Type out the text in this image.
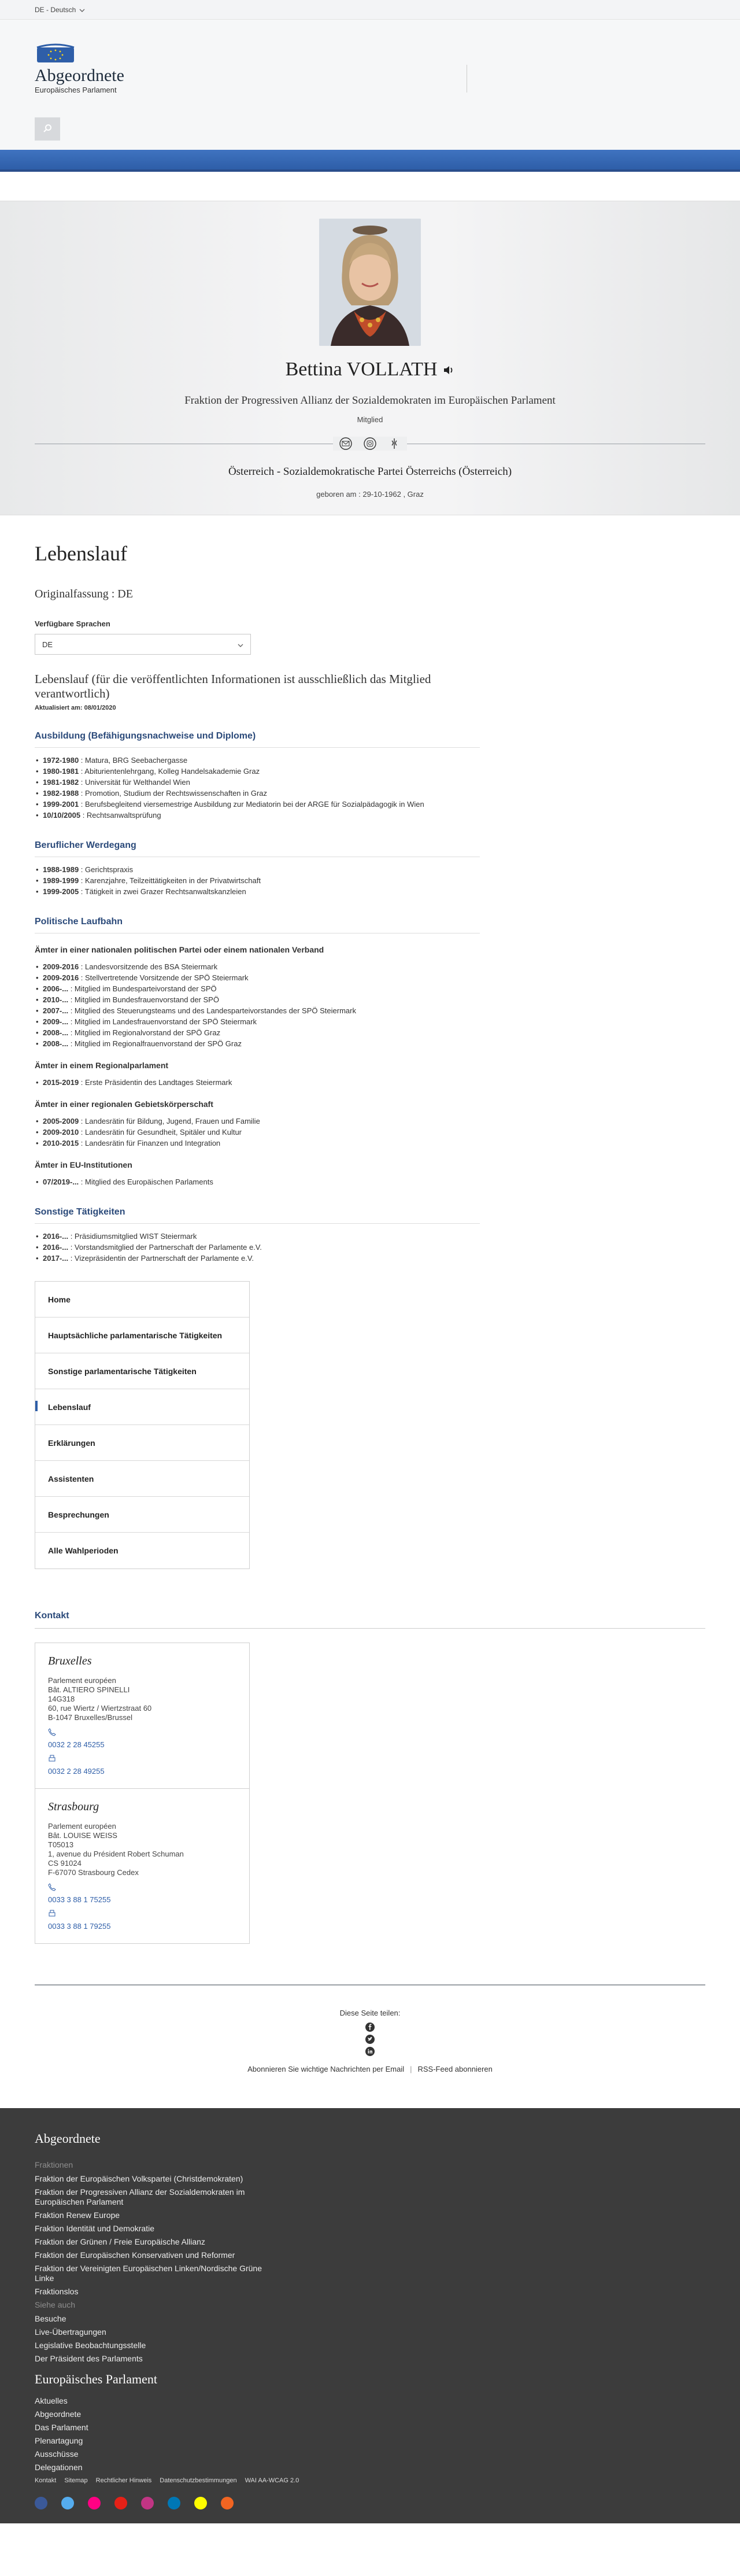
DE - Deutsch
Abgeordnete
Europäisches Parlament
Bettina VOLLATH
Fraktion der Progressiven Allianz der Sozialdemokraten im Europäischen Parlament
Mitglied
Österreich - Sozialdemokratische Partei Österreichs (Österreich)
geboren am : 29-10-1962 , Graz
Lebenslauf
Originalfassung : DE
Verfügbare Sprachen
DE
Lebenslauf (für die veröffentlichten Informationen ist ausschließlich das Mitglied verantwortlich)
Aktualisiert am: 08/01/2020
Ausbildung (Befähigungsnachweise und Diplome)
• 1972-1980 : Matura, BRG Seebachergasse
• 1980-1981 : Abiturientenlehrgang, Kolleg Handelsakademie Graz
• 1981-1982 : Universität für Welthandel Wien
• 1982-1988 : Promotion, Studium der Rechtswissenschaften in Graz
• 1999-2001 : Berufsbegleitend viersemestrige Ausbildung zur Mediatorin bei der ARGE für Sozialpädagogik in Wien
• 10/10/2005 : Rechtsanwaltsprüfung
Beruflicher Werdegang
• 1988-1989 : Gerichtspraxis
• 1989-1999 : Karenzjahre, Teilzeittätigkeiten in der Privatwirtschaft
• 1999-2005 : Tätigkeit in zwei Grazer Rechtsanwaltskanzleien
Politische Laufbahn
Ämter in einer nationalen politischen Partei oder einem nationalen Verband
• 2009-2016 : Landesvorsitzende des BSA Steiermark
• 2009-2016 : Stellvertretende Vorsitzende der SPÖ Steiermark
• 2006-... : Mitglied im Bundesparteivorstand der SPÖ
• 2010-... : Mitglied im Bundesfrauenvorstand der SPÖ
• 2007-... : Mitglied des Steuerungsteams und des Landesparteivorstandes der SPÖ Steiermark
• 2009-... : Mitglied im Landesfrauenvorstand der SPÖ Steiermark
• 2008-... : Mitglied im Regionalvorstand der SPÖ Graz
• 2008-... : Mitglied im Regionalfrauenvorstand der SPÖ Graz
Ämter in einem Regionalparlament
• 2015-2019 : Erste Präsidentin des Landtages Steiermark
Ämter in einer regionalen Gebietskörperschaft
• 2005-2009 : Landesrätin für Bildung, Jugend, Frauen und Familie
• 2009-2010 : Landesrätin für Gesundheit, Spitäler und Kultur
• 2010-2015 : Landesrätin für Finanzen und Integration
Ämter in EU-Institutionen
• 07/2019-... : Mitglied des Europäischen Parlaments
Sonstige Tätigkeiten
• 2016-... : Präsidiumsmitglied WIST Steiermark
• 2016-... : Vorstandsmitglied der Partnerschaft der Parlamente e.V.
• 2017-... : Vizepräsidentin der Partnerschaft der Parlamente e.V.
Home
Hauptsächliche parlamentarische Tätigkeiten
Sonstige parlamentarische Tätigkeiten
Lebenslauf
Erklärungen
Assistenten
Besprechungen
Alle Wahlperioden
Kontakt
Bruxelles
Parlement européen
Bât. ALTIERO SPINELLI
14G318
60, rue Wiertz / Wiertzstraat 60
B-1047 Bruxelles/Brussel
0032 2 28 45255
0032 2 28 49255
Strasbourg
Parlement européen
Bât. LOUISE WEISS
T05013
1, avenue du Président Robert Schuman
CS 91024
F-67070 Strasbourg Cedex
0033 3 88 1 75255
0033 3 88 1 79255
Diese Seite teilen:
Abonnieren Sie wichtige Nachrichten per Email | RSS-Feed abonnieren
Abgeordnete
Fraktionen
Fraktion der Europäischen Volkspartei (Christdemokraten)
Fraktion der Progressiven Allianz der Sozialdemokraten im Europäischen Parlament
Fraktion Renew Europe
Fraktion Identität und Demokratie
Fraktion der Grünen / Freie Europäische Allianz
Fraktion der Europäischen Konservativen und Reformer
Fraktion der Vereinigten Europäischen Linken/Nordische Grüne Linke
Fraktionslos
Siehe auch
Besuche
Live-Übertragungen
Legislative Beobachtungsstelle
Der Präsident des Parlaments
Europäisches Parlament
Aktuelles
Abgeordnete
Das Parlament
Plenartagung
Ausschüsse
Delegationen
Kontakt Sitemap Rechtlicher Hinweis Datenschutzbestimmungen WAI AA-WCAG 2.0
